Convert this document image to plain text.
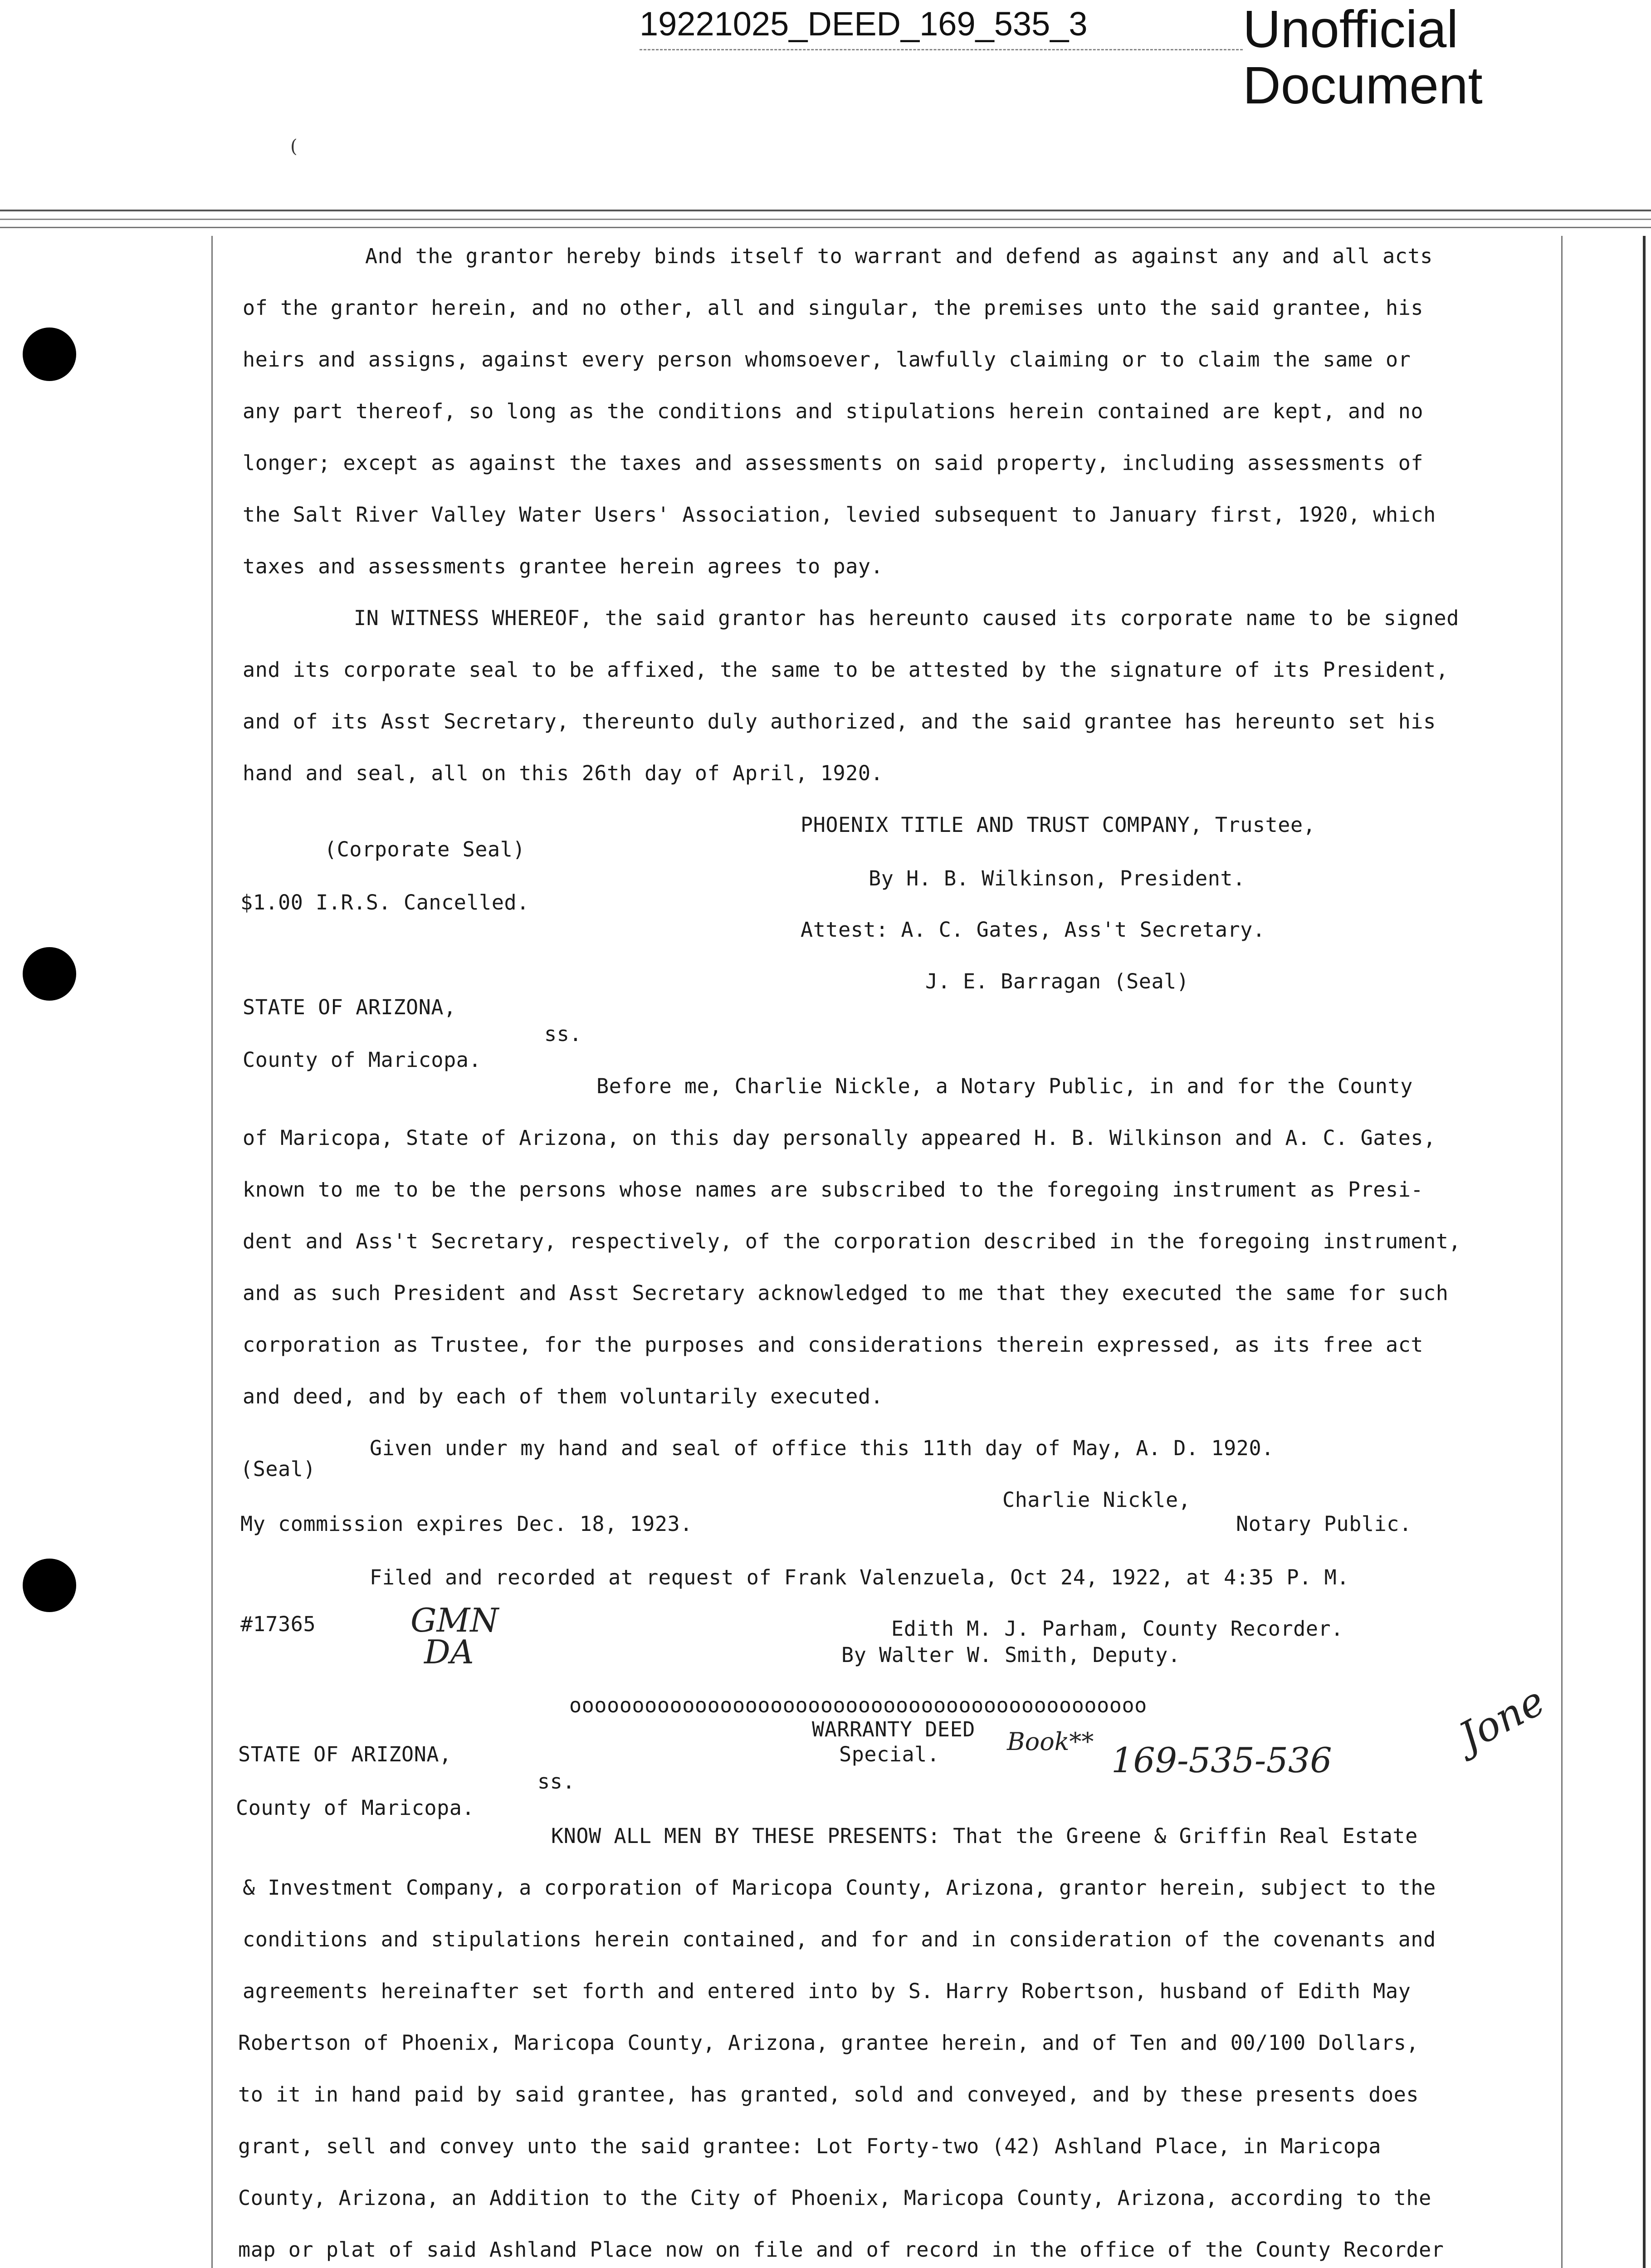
19221025_DEED_169_535_3	Unofficial
Document
(
And the grantor hereby binds itself to warrant and defend as against any and all acts
of the grantor herein, and no other, all and singular, the premises unto the said grantee, his
heirs and assigns, against every person whomsoever, lawfully claiming or to claim the same or
any part thereof, so long as the conditions and stipulations herein contained are kept, and no
longer; except as against the taxes and assessments on said property, including assessments of
the Salt River Valley Water Users' Association, levied subsequent to January first, 1920, which
taxes and assessments grantee herein agrees to pay.
IN WITNESS WHEREOF, the said grantor has hereunto caused its corporate name to be signed
and its corporate seal to be affixed, the same to be attested by the signature of its President,
and of its Asst Secretary, thereunto duly authorized, and the said grantee has hereunto set his
hand and seal, all on this 26th day of April, 1920.
PHOENIX TITLE AND TRUST COMPANY, Trustee,
(Corporate Seal)
By H. B. Wilkinson, President.
$1.00 I.R.S. Cancelled.
Attest: A. C. Gates, Ass't Secretary.
J. E. Barragan (Seal)
STATE OF ARIZONA,
ss.
County of Maricopa.
Before me, Charlie Nickle, a Notary Public, in and for the County
of Maricopa, State of Arizona, on this day personally appeared H. B. Wilkinson and A. C. Gates,
known to me to be the persons whose names are subscribed to the foregoing instrument as Presi-
dent and Ass't Secretary, respectively, of the corporation described in the foregoing instrument,
and as such President and Asst Secretary acknowledged to me that they executed the same for such
corporation as Trustee, for the purposes and considerations therein expressed, as its free act
and deed, and by each of them voluntarily executed.
Given under my hand and seal of office this 11th day of May, A. D. 1920.
(Seal)
Charlie Nickle,
My commission expires Dec. 18, 1923.	Notary Public.
Filed and recorded at request of Frank Valenzuela, Oct 24, 1922, at 4:35 P. M.
#17365	Edith M. J. Parham, County Recorder.
By Walter W. Smith, Deputy.
oooooooooooooooooooooooooooooooooooooooooooooo
WARRANTY DEED
STATE OF ARIZONA,	Special.
ss.
County of Maricopa.
KNOW ALL MEN BY THESE PRESENTS: That the Greene & Griffin Real Estate
& Investment Company, a corporation of Maricopa County, Arizona, grantor herein, subject to the
conditions and stipulations herein contained, and for and in consideration of the covenants and
agreements hereinafter set forth and entered into by S. Harry Robertson, husband of Edith May
Robertson of Phoenix, Maricopa County, Arizona, grantee herein, and of Ten and 00/100 Dollars,
to it in hand paid by said grantee, has granted, sold and conveyed, and by these presents does
grant, sell and convey unto the said grantee: Lot Forty-two (42) Ashland Place, in Maricopa
County, Arizona, an Addition to the City of Phoenix, Maricopa County, Arizona, according to the
map or plat of said Ashland Place now on file and of record in the office of the County Recorder
GMN
DA
Book** 169-535-536	Jone
